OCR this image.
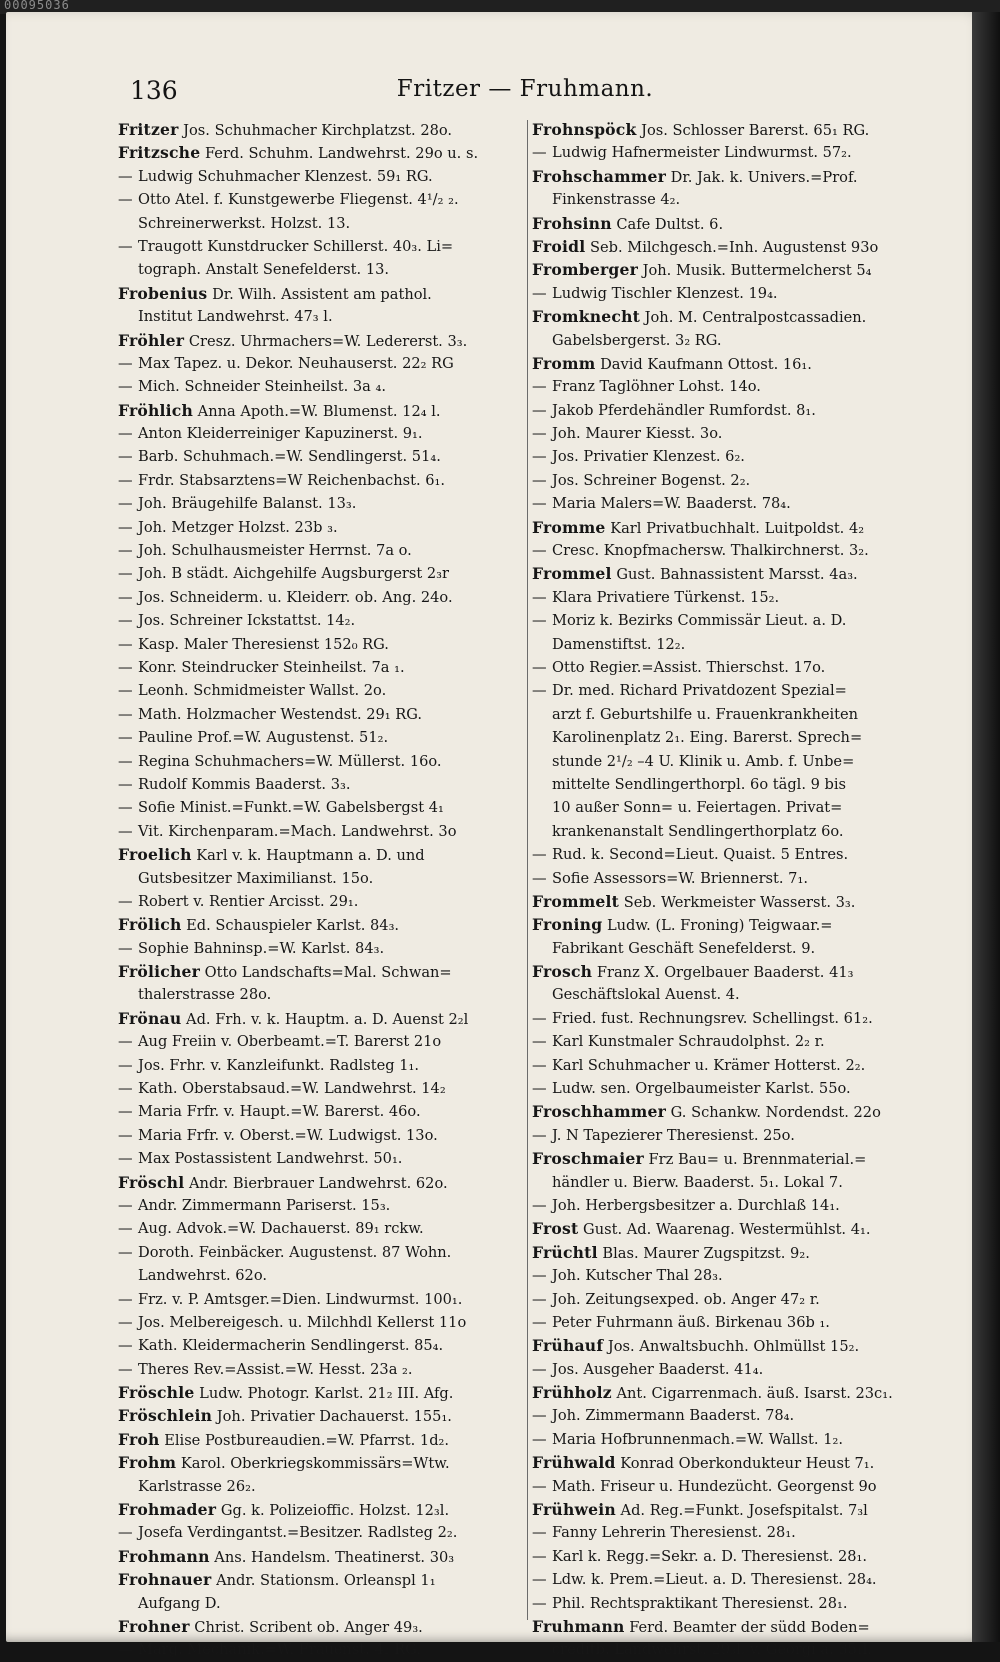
00095036
136	Fritzer — Fruhmann.
Fritzer Jos. Schuhmacher Kirchplatzst. 28o.
Fritzsche Ferd. Schuhm. Landwehrst. 29o u. s.
— Ludwig Schuhmacher Klenzest. 59₁ RG.
— Otto Atel. f. Kunstgewerbe Fliegenst. 4¹/₂ ₂.
Schreinerwerkst. Holzst. 13.
— Traugott Kunstdrucker Schillerst. 40₃. Li=
tograph. Anstalt Senefelderst. 13.
Frobenius Dr. Wilh. Assistent am pathol.
Institut Landwehrst. 47₃ l.
Fröhler Cresz. Uhrmachers=W. Ledererst. 3₃.
— Max Tapez. u. Dekor. Neuhauserst. 22₂ RG
— Mich. Schneider Steinheilst. 3a ₄.
Fröhlich Anna Apoth.=W. Blumenst. 12₄ l.
— Anton Kleiderreiniger Kapuzinerst. 9₁.
— Barb. Schuhmach.=W. Sendlingerst. 51₄.
— Frdr. Stabsarztens=W Reichenbachst. 6₁.
— Joh. Bräugehilfe Balanst. 13₃.
— Joh. Metzger Holzst. 23b ₃.
— Joh. Schulhausmeister Herrnst. 7a o.
— Joh. B städt. Aichgehilfe Augsburgerst 2₃r
— Jos. Schneiderm. u. Kleiderr. ob. Ang. 24o.
— Jos. Schreiner Ickstattst. 14₂.
— Kasp. Maler Theresienst 152₀ RG.
— Konr. Steindrucker Steinheilst. 7a ₁.
— Leonh. Schmidmeister Wallst. 2o.
— Math. Holzmacher Westendst. 29₁ RG.
— Pauline Prof.=W. Augustenst. 51₂.
— Regina Schuhmachers=W. Müllerst. 16o.
— Rudolf Kommis Baaderst. 3₃.
— Sofie Minist.=Funkt.=W. Gabelsbergst 4₁
— Vit. Kirchenparam.=Mach. Landwehrst. 3o
Froelich Karl v. k. Hauptmann a. D. und
Gutsbesitzer Maximilianst. 15o.
— Robert v. Rentier Arcisst. 29₁.
Frölich Ed. Schauspieler Karlst. 84₃.
— Sophie Bahninsp.=W. Karlst. 84₃.
Frölicher Otto Landschafts=Mal. Schwan=
thalerstrasse 28o.
Frönau Ad. Frh. v. k. Hauptm. a. D. Auenst 2₂l
— Aug Freiin v. Oberbeamt.=T. Barerst 21o
— Jos. Frhr. v. Kanzleifunkt. Radlsteg 1₁.
— Kath. Oberstabsaud.=W. Landwehrst. 14₂
— Maria Frfr. v. Haupt.=W. Barerst. 46o.
— Maria Frfr. v. Oberst.=W. Ludwigst. 13o.
— Max Postassistent Landwehrst. 50₁.
Fröschl Andr. Bierbrauer Landwehrst. 62o.
— Andr. Zimmermann Pariserst. 15₃.
— Aug. Advok.=W. Dachauerst. 89₁ rckw.
— Doroth. Feinbäcker. Augustenst. 87 Wohn.
Landwehrst. 62o.
— Frz. v. P. Amtsger.=Dien. Lindwurmst. 100₁.
— Jos. Melbereigesch. u. Milchhdl Kellerst 11o
— Kath. Kleidermacherin Sendlingerst. 85₄.
— Theres Rev.=Assist.=W. Hesst. 23a ₂.
Fröschle Ludw. Photogr. Karlst. 21₂ III. Afg.
Fröschlein Joh. Privatier Dachauerst. 155₁.
Froh Elise Postbureaudien.=W. Pfarrst. 1d₂.
Frohm Karol. Oberkriegskommissärs=Wtw.
Karlstrasse 26₂.
Frohmader Gg. k. Polizeioffic. Holzst. 12₃l.
— Josefa Verdingantst.=Besitzer. Radlsteg 2₂.
Frohmann Ans. Handelsm. Theatinerst. 30₃
Frohnauer Andr. Stationsm. Orleanspl 1₁
Aufgang D.
Frohner Christ. Scribent ob. Anger 49₃.
— Marg. Mechanik.=W. Frauenst. 4₂ RG.
Frohnspöck Jos. Schlosser Barerst. 65₁ RG.
— Ludwig Hafnermeister Lindwurmst. 57₂.
Frohschammer Dr. Jak. k. Univers.=Prof.
Finkenstrasse 4₂.
Frohsinn Cafe Dultst. 6.
Froidl Seb. Milchgesch.=Inh. Augustenst 93o
Fromberger Joh. Musik. Buttermelcherst 5₄
— Ludwig Tischler Klenzest. 19₄.
Fromknecht Joh. M. Centralpostcassadien.
Gabelsbergerst. 3₂ RG.
Fromm David Kaufmann Ottost. 16₁.
— Franz Taglöhner Lohst. 14o.
— Jakob Pferdehändler Rumfordst. 8₁.
— Joh. Maurer Kiesst. 3o.
— Jos. Privatier Klenzest. 6₂.
— Jos. Schreiner Bogenst. 2₂.
— Maria Malers=W. Baaderst. 78₄.
Fromme Karl Privatbuchhalt. Luitpoldst. 4₂
— Cresc. Knopfmachersw. Thalkirchnerst. 3₂.
Frommel Gust. Bahnassistent Marsst. 4a₃.
— Klara Privatiere Türkenst. 15₂.
— Moriz k. Bezirks Commissär Lieut. a. D.
Damenstiftst. 12₂.
— Otto Regier.=Assist. Thierschst. 17o.
— Dr. med. Richard Privatdozent Spezial=
arzt f. Geburtshilfe u. Frauenkrankheiten
Karolinenplatz 2₁. Eing. Barerst. Sprech=
stunde 2¹/₂ –4 U. Klinik u. Amb. f. Unbe=
mittelte Sendlingerthorpl. 6o tägl. 9 bis
10 außer Sonn= u. Feiertagen. Privat=
krankenanstalt Sendlingerthorplatz 6o.
— Rud. k. Second=Lieut. Quaist. 5 Entres.
— Sofie Assessors=W. Briennerst. 7₁.
Frommelt Seb. Werkmeister Wasserst. 3₃.
Froning Ludw. (L. Froning) Teigwaar.=
Fabrikant Geschäft Senefelderst. 9.
Frosch Franz X. Orgelbauer Baaderst. 41₃
Geschäftslokal Auenst. 4.
— Fried. fust. Rechnungsrev. Schellingst. 61₂.
— Karl Kunstmaler Schraudolphst. 2₂ r.
— Karl Schuhmacher u. Krämer Hotterst. 2₂.
— Ludw. sen. Orgelbaumeister Karlst. 55o.
Froschhammer G. Schankw. Nordendst. 22o
— J. N Tapezierer Theresienst. 25o.
Froschmaier Frz Bau= u. Brennmaterial.=
händler u. Bierw. Baaderst. 5₁. Lokal 7.
— Joh. Herbergsbesitzer a. Durchlaß 14₁.
Frost Gust. Ad. Waarenag. Westermühlst. 4₁.
Früchtl Blas. Maurer Zugspitzst. 9₂.
— Joh. Kutscher Thal 28₃.
— Joh. Zeitungsexped. ob. Anger 47₂ r.
— Peter Fuhrmann äuß. Birkenau 36b ₁.
Frühauf Jos. Anwaltsbuchh. Ohlmüllst 15₂.
— Jos. Ausgeher Baaderst. 41₄.
Frühholz Ant. Cigarrenmach. äuß. Isarst. 23c₁.
— Joh. Zimmermann Baaderst. 78₄.
— Maria Hofbrunnenmach.=W. Wallst. 1₂.
Frühwald Konrad Oberkondukteur Heust 7₁.
— Math. Friseur u. Hundezücht. Georgenst 9o
Frühwein Ad. Reg.=Funkt. Josefspitalst. 7₃l
— Fanny Lehrerin Theresienst. 28₁.
— Karl k. Regg.=Sekr. a. D. Theresienst. 28₁.
— Ldw. k. Prem.=Lieut. a. D. Theresienst. 28₄.
— Phil. Rechtspraktikant Theresienst. 28₁.
Fruhmann Ferd. Beamter der südd Boden=
creditb. Landwehrst. 29₃l. v. Georgi a. 35₁l.
